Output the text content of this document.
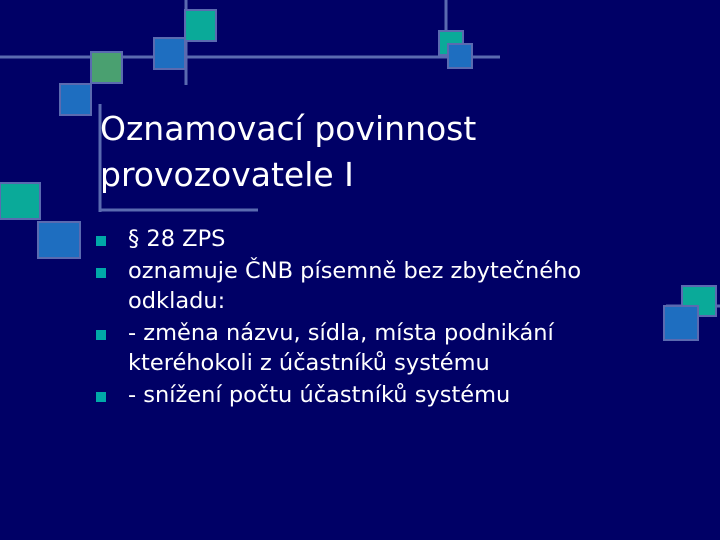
Oznamovací povinnost
provozovatele I
§ 28 ZPS
oznamuje ČNB písemně bez zbytečného odkladu:
- změna názvu, sídla, místa podnikání kteréhokoli z účastníků systému
- snížení počtu účastníků systému
